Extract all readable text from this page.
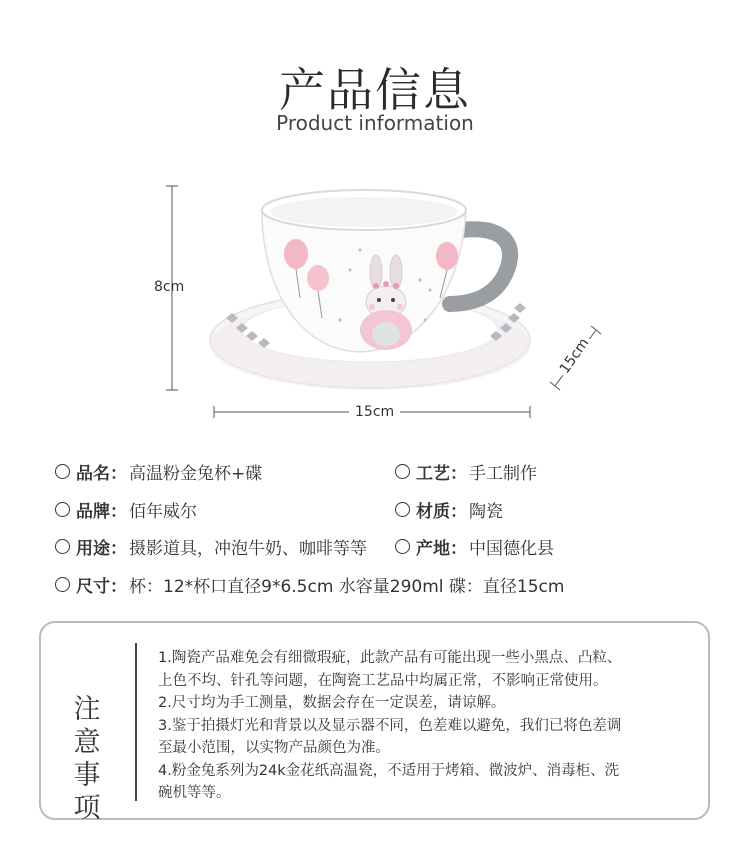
产品信息
Product information
8cm
15cm
15cm
品名： 高温粉金兔杯+碟	工艺： 手工制作
品牌： 佰年威尔	材质： 陶瓷
用途： 摄影道具，冲泡牛奶、咖啡等等	产地： 中国德化县
尺寸： 杯：12*杯口直径9*6.5cm 水容量290ml 碟：直径15cm
注意事项
1.陶瓷产品难免会有细微瑕疵，此款产品有可能出现一些小黑点、凸粒、
上色不均、针孔等问题，在陶瓷工艺品中均属正常，不影响正常使用。
2.尺寸均为手工测量，数据会存在一定误差，请谅解。
3.鉴于拍摄灯光和背景以及显示器不同，色差难以避免，我们已将色差调
至最小范围，以实物产品颜色为准。
4.粉金兔系列为24k金花纸高温瓷，不适用于烤箱、微波炉、消毒柜、洗
碗机等等。
